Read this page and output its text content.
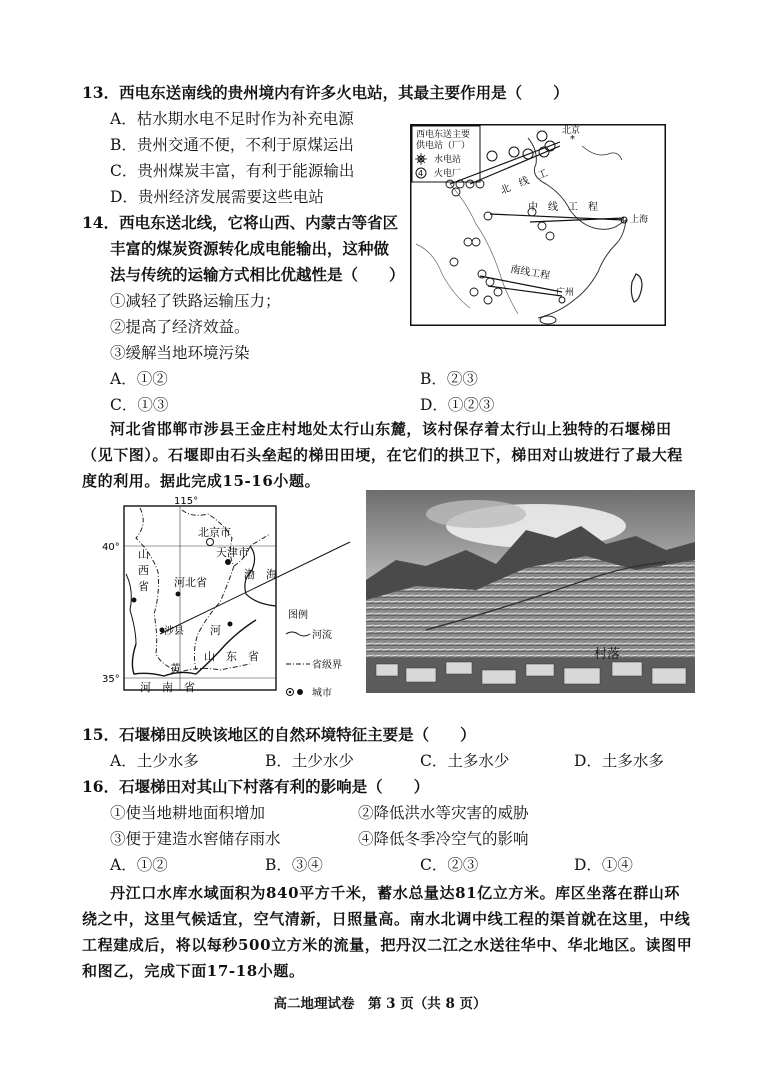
13．西电东送南线的贵州境内有许多火电站，其最主要作用是（　　）
A．枯水期水电不足时作为补充电源
B．贵州交通不便，不利于原煤运出
C．贵州煤炭丰富，有利于能源输出
D．贵州经济发展需要这些电站
14．西电东送北线，它将山西、内蒙古等省区
丰富的煤炭资源转化成电能输出，这种做
法与传统的运输方式相比优越性是（　　）
①减轻了铁路运输压力；
②提高了经济效益。
③缓解当地环境污染
A．①②	B．②③
C．①③	D．①②③
西电东送主要
供电站（厂）
水电站
4 火电厂
北京
*
北　线　工
中　线　工　程
南线工程
上海
广州
河北省邯郸市涉县王金庄村地处太行山东麓，该村保存着太行山上独特的石堰梯田
（见下图）。石堰即由石头垒起的梯田田埂，在它们的拱卫下，梯田对山坡进行了最大程
度的利用。据此完成15-16小题。
115°
40°
35°
北京市
天津市
渤　海
山
西
省 河北省
涉县 河
黄
山　东　省
河　南　省
图例
河流
省级界
城市
村落
15．石堰梯田反映该地区的自然环境特征主要是（　　）
A．土少水多	B．土少水少	C．土多水少	D．土多水多
16．石堰梯田对其山下村落有利的影响是（　　）
①使当地耕地面积增加	②降低洪水等灾害的威胁
③便于建造水窖储存雨水	④降低冬季冷空气的影响
A．①②	B．③④	C．②③	D．①④
丹江口水库水域面积为840平方千米，蓄水总量达81亿立方米。库区坐落在群山环
绕之中，这里气候适宜，空气清新，日照量高。南水北调中线工程的渠首就在这里，中线
工程建成后，将以每秒500立方米的流量，把丹汉二江之水送往华中、华北地区。读图甲
和图乙，完成下面17-18小题。
高二地理试卷　第 3 页（共 8 页）
